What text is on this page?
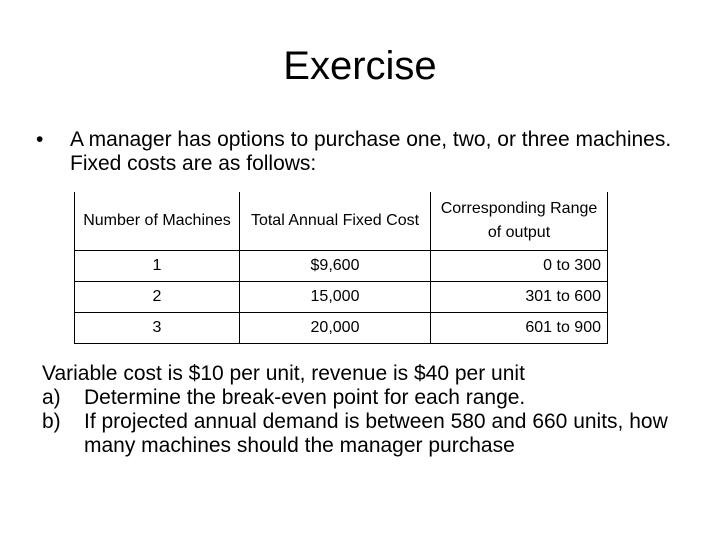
Exercise
• A manager has options to purchase one, two, or three machines. Fixed costs are as follows:
Number of Machines	Total Annual Fixed Cost	Corresponding Range of output
1	$9,600	0 to 300
2	15,000	301 to 600
3	20,000	601 to 900
Variable cost is $10 per unit, revenue is $40 per unit
a) Determine the break-even point for each range.
b) If projected annual demand is between 580 and 660 units, how many machines should the manager purchase
